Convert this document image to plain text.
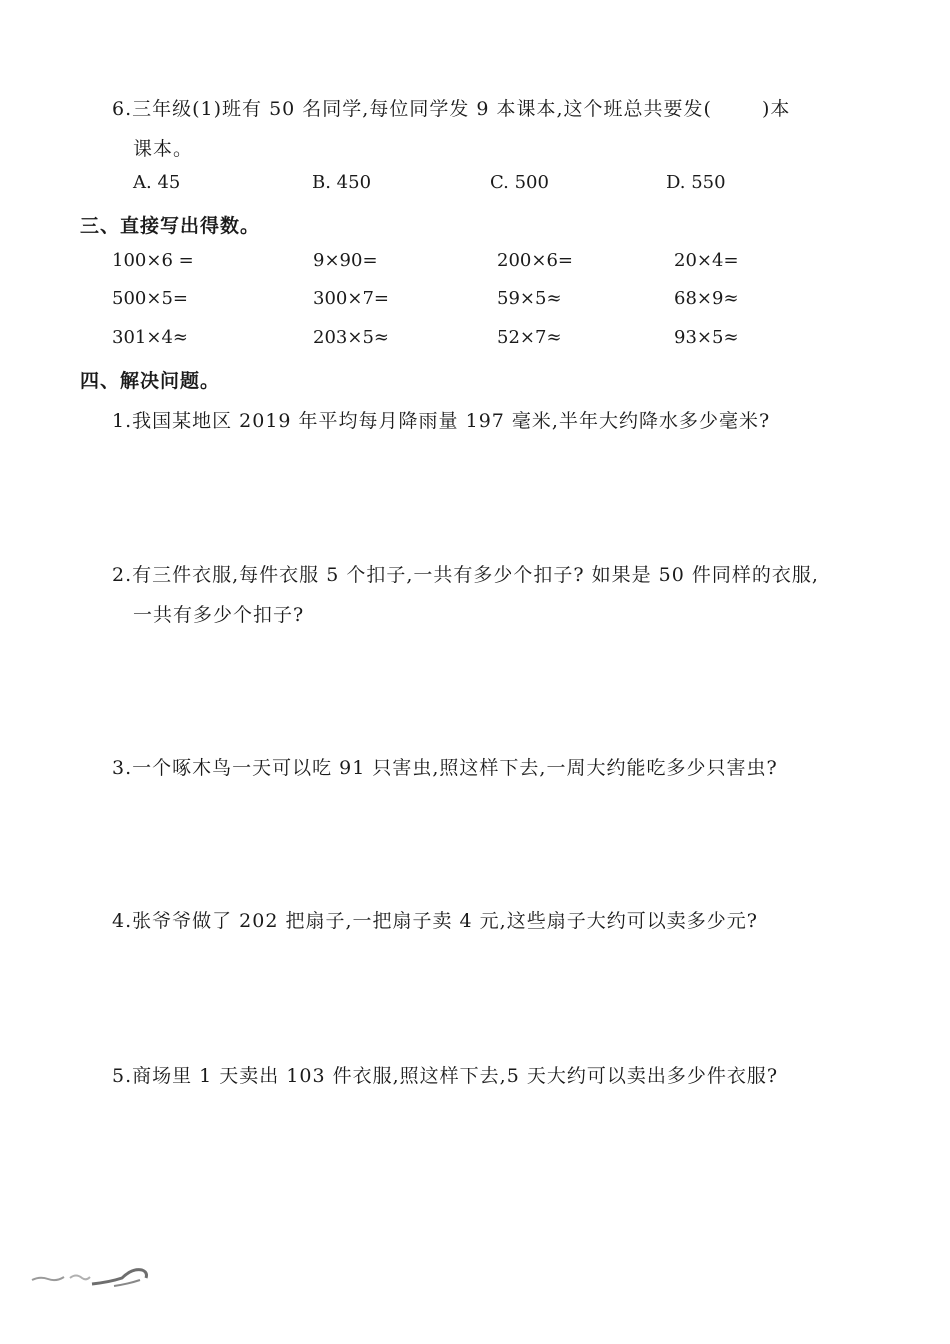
6.三年级(1)班有 50 名同学,每位同学发 9 本课本,这个班总共要发(	)本
课本。
A. 45	B. 450	C. 500	D. 550
三、直接写出得数。
100×6 =	9×90=	200×6=	20×4=
500×5=	300×7=	59×5≈	68×9≈
301×4≈	203×5≈	52×7≈	93×5≈
四、解决问题。
1.我国某地区 2019 年平均每月降雨量 197 毫米,半年大约降水多少毫米?
2.有三件衣服,每件衣服 5 个扣子,一共有多少个扣子? 如果是 50 件同样的衣服,
一共有多少个扣子?
3.一个啄木鸟一天可以吃 91 只害虫,照这样下去,一周大约能吃多少只害虫?
4.张爷爷做了 202 把扇子,一把扇子卖 4 元,这些扇子大约可以卖多少元?
5.商场里 1 天卖出 103 件衣服,照这样下去,5 天大约可以卖出多少件衣服?
